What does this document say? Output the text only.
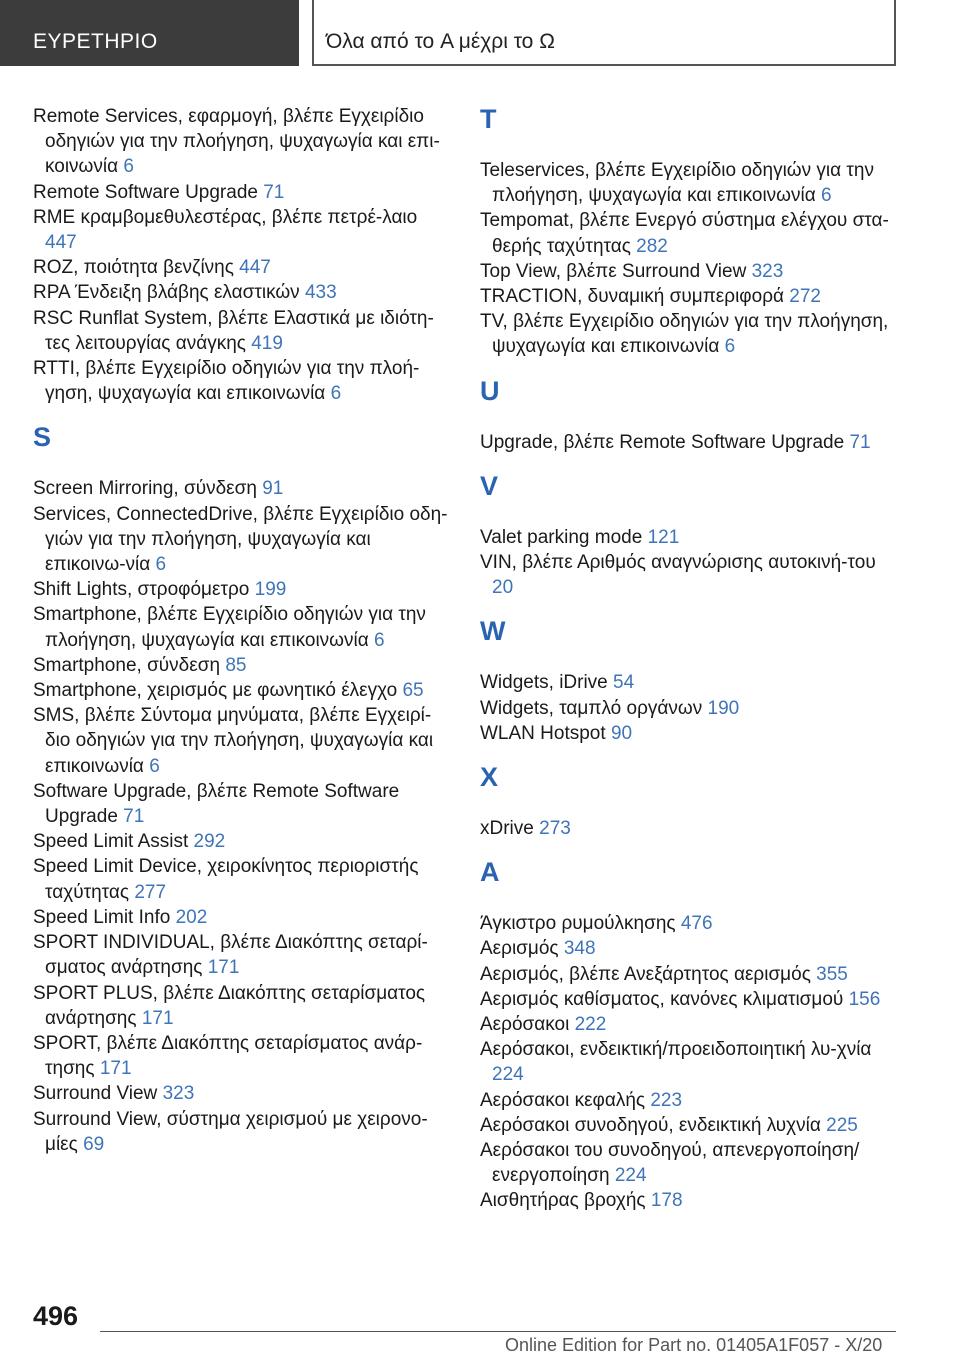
ΕΥΡΕΤΗΡΙΟ	Όλα από το A μέχρι το Ω
Remote Services, εφαρμογή, βλέπε Εγχειρίδιο οδηγιών για την πλοήγηση, ψυχαγωγία και επι‐κοινωνία 6
Remote Software Upgrade 71
RME κραμβομεθυλεστέρας, βλέπε πετρέ‐λαιο 447
ROZ, ποιότητα βενζίνης 447
RPA Ένδειξη βλάβης ελαστικών 433
RSC Runflat System, βλέπε Ελαστικά με ιδιότη‐τες λειτουργίας ανάγκης 419
RTTI, βλέπε Εγχειρίδιο οδηγιών για την πλοή‐γηση, ψυχαγωγία και επικοινωνία 6
S
Screen Mirroring, σύνδεση 91
Services, ConnectedDrive, βλέπε Εγχειρίδιο οδη‐γιών για την πλοήγηση, ψυχαγωγία και επικοινω‐νία 6
Shift Lights, στροφόμετρο 199
Smartphone, βλέπε Εγχειρίδιο οδηγιών για την πλοήγηση, ψυχαγωγία και επικοινωνία 6
Smartphone, σύνδεση 85
Smartphone, χειρισμός με φωνητικό έλεγχο 65
SMS, βλέπε Σύντομα μηνύματα, βλέπε Εγχειρί‐διο οδηγιών για την πλοήγηση, ψυχαγωγία και επικοινωνία 6
Software Upgrade, βλέπε Remote Software Upgrade 71
Speed Limit Assist 292
Speed Limit Device, χειροκίνητος περιοριστής ταχύτητας 277
Speed Limit Info 202
SPORT INDIVIDUAL, βλέπε Διακόπτης σεταρί‐σματος ανάρτησης 171
SPORT PLUS, βλέπε Διακόπτης σεταρίσματος ανάρτησης 171
SPORT, βλέπε Διακόπτης σεταρίσματος ανάρ‐τησης 171
Surround View 323
Surround View, σύστημα χειρισμού με χειρονο‐μίες 69
T
Teleservices, βλέπε Εγχειρίδιο οδηγιών για την πλοήγηση, ψυχαγωγία και επικοινωνία 6
Tempomat, βλέπε Ενεργό σύστημα ελέγχου στα‐θερής ταχύτητας 282
Top View, βλέπε Surround View 323
TRACTION, δυναμική συμπεριφορά 272
TV, βλέπε Εγχειρίδιο οδηγιών για την πλοήγηση, ψυχαγωγία και επικοινωνία 6
U
Upgrade, βλέπε Remote Software Upgrade 71
V
Valet parking mode 121
VIN, βλέπε Αριθμός αναγνώρισης αυτοκινή‐του 20
W
Widgets, iDrive 54
Widgets, ταμπλό οργάνων 190
WLAN Hotspot 90
X
xDrive 273
Α
Άγκιστρο ρυμούλκησης 476
Αερισμός 348
Αερισμός, βλέπε Ανεξάρτητος αερισμός 355
Αερισμός καθίσματος, κανόνες κλιματισμού 156
Αερόσακοι 222
Αερόσακοι, ενδεικτική/προειδοποιητική λυ‐χνία 224
Αερόσακοι κεφαλής 223
Αερόσακοι συνοδηγού, ενδεικτική λυχνία 225
Αερόσακοι του συνοδηγού, απενεργοποίηση/ενεργοποίηση 224
Αισθητήρας βροχής 178
496
Online Edition for Part no. 01405A1F057 - X/20
